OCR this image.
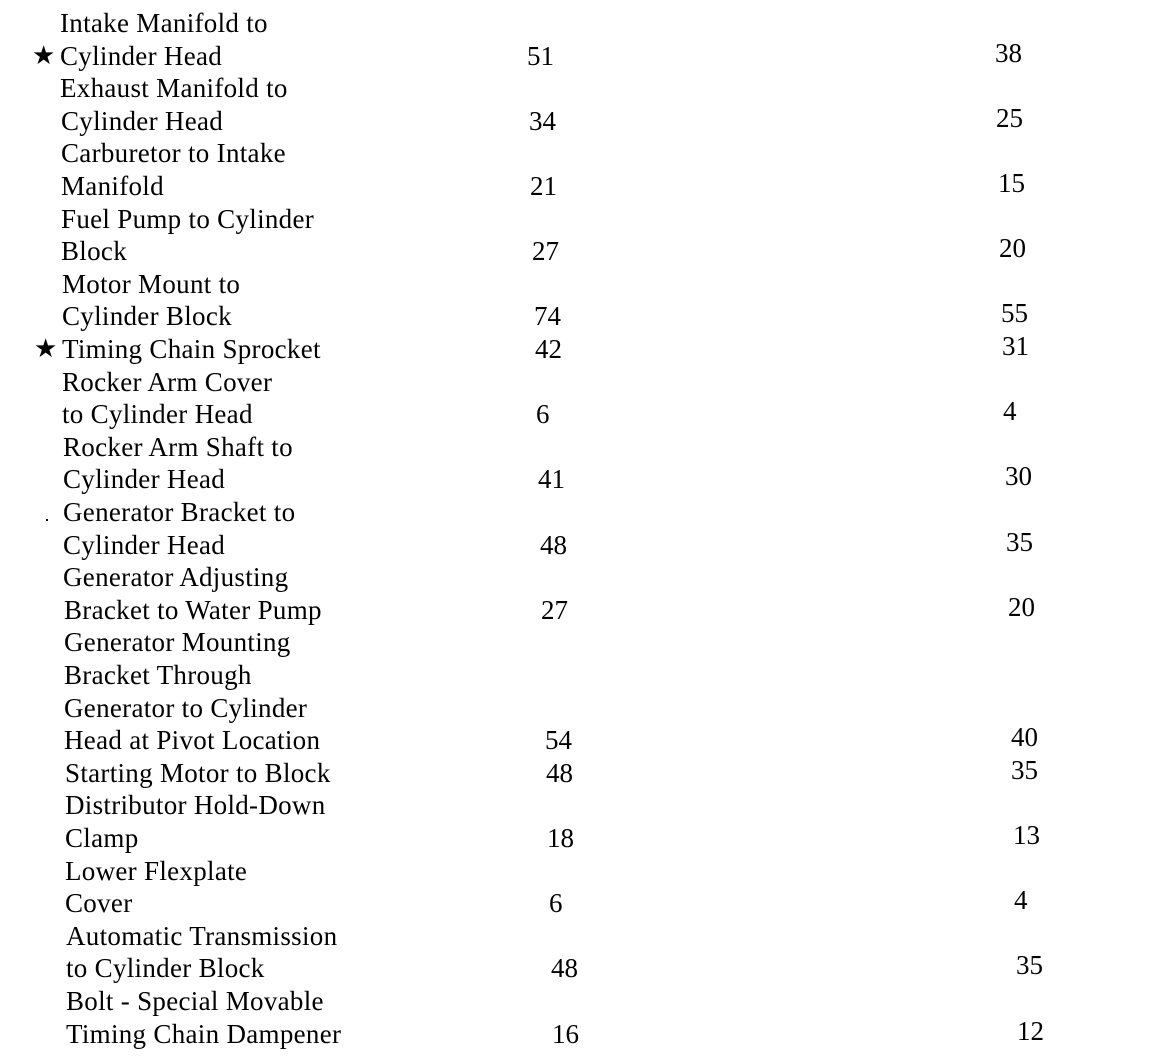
Intake Manifold to
Cylinder Head
★	51	38
Exhaust Manifold to
Cylinder Head	34	25
Carburetor to Intake
Manifold	21	15
Fuel Pump to Cylinder
Block	27	20
Motor Mount to
Cylinder Block	74	55
Timing Chain Sprocket
★	42	31
Rocker Arm Cover
to Cylinder Head	6	4
Rocker Arm Shaft to
Cylinder Head	41	30
Generator Bracket to
Cylinder Head	48	35
Generator Adjusting
Bracket to Water Pump	27	20
Generator Mounting
Bracket Through
Generator to Cylinder
Head at Pivot Location	54	40
Starting Motor to Block	48	35
Distributor Hold-Down
Clamp	18	13
Lower Flexplate
Cover	6	4
Automatic Transmission
to Cylinder Block	48	35
Bolt - Special Movable
Timing Chain Dampener	16	12
